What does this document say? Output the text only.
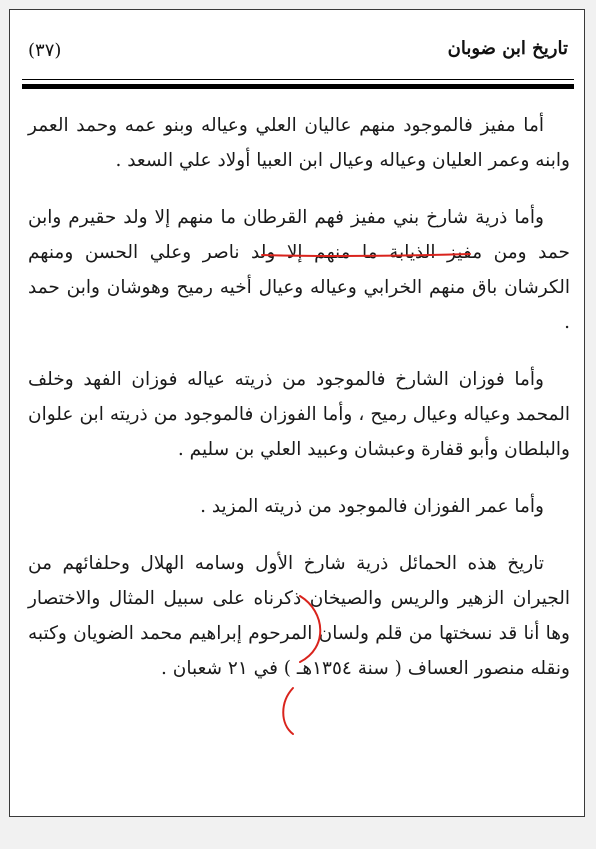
(٣٧)	تاريخ ابن ضوبان

أما مفيز فالموجود منهم عاليان العلي وعياله وبنو عمه وحمد العمر وابنه وعمر العليان وعياله وعيال ابن العبيا أولاد علي السعد .

وأما ذرية شارخ بني مفيز فهم القرطان ما منهم إلا ولد حقيرم وابن حمد ومن مفيز الذيابة ما منهم إلا ولد ناصر وعلي الحسن ومنهم الكرشان باق منهم الخرابي وعياله وعيال أخيه رميح وهوشان وابن حمد .

وأما فوزان الشارخ فالموجود من ذريته عياله فوزان الفهد وخلف المحمد وعياله وعيال رميح ، وأما الفوزان فالموجود من ذريته ابن علوان والبلطان وأبو قفارة وعبشان وعبيد العلي بن سليم .

وأما عمر الفوزان فالموجود من ذريته المزيد .

تاريخ هذه الحمائل ذرية شارخ الأول وسامه الهلال وحلفائهم من الجيران الزهير والريس والصيخان ذكرناه على سبيل المثال والاختصار وها أنا قد نسختها من قلم ولسان المرحوم إبراهيم محمد الضويان وكتبه ونقله منصور العساف ( سنة ١٣٥٤هـ ) في ٢١ شعبان .
